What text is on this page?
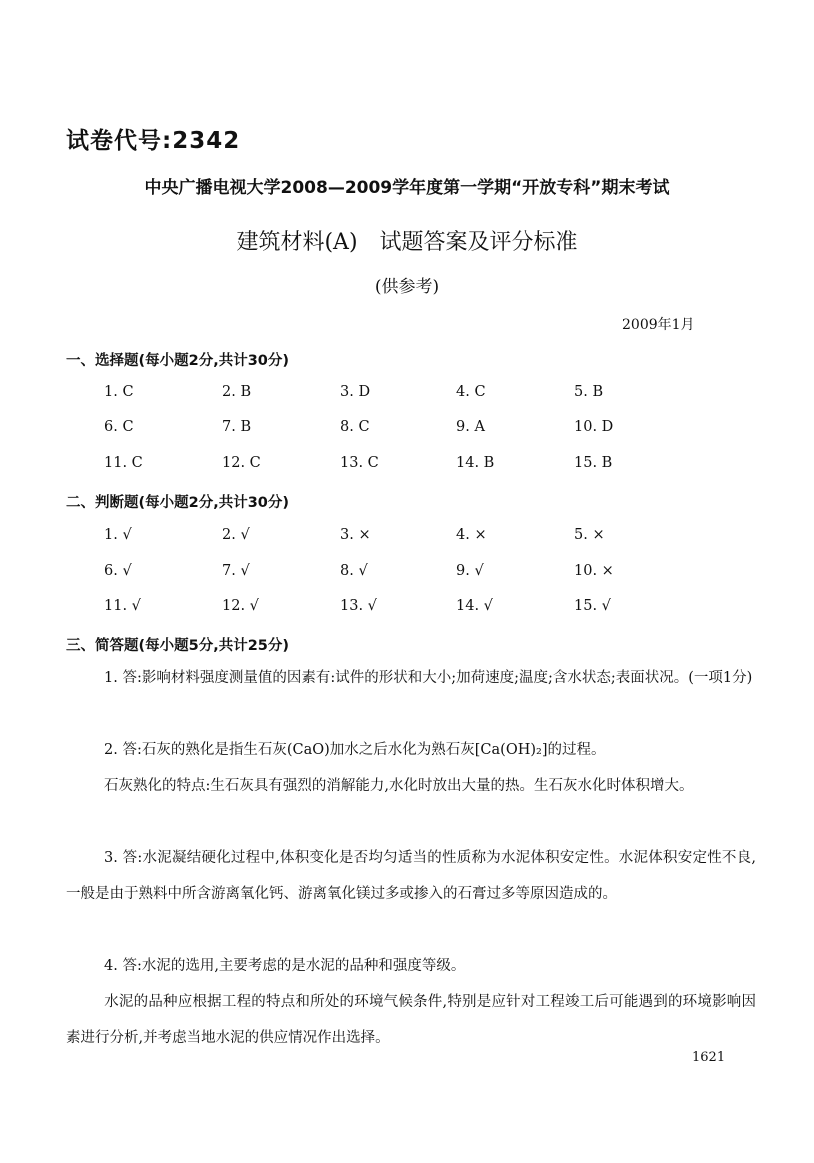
试卷代号:2342
中央广播电视大学2008—2009学年度第一学期“开放专科”期末考试
建筑材料(A)　试题答案及评分标准
(供参考)
2009年1月
一、选择题(每小题2分,共计30分)
1. C	2. B	3. D	4. C	5. B
6. C	7. B	8. C	9. A	10. D
11. C	12. C	13. C	14. B	15. B
二、判断题(每小题2分,共计30分)
1. √	2. √	3. ×	4. ×	5. ×
6. √	7. √	8. √	9. √	10. ×
11. √	12. √	13. √	14. √	15. √
三、简答题(每小题5分,共计25分)
1. 答:影响材料强度测量值的因素有:试件的形状和大小;加荷速度;温度;含水状态;表面状况。(一项1分)
2. 答:石灰的熟化是指生石灰(CaO)加水之后水化为熟石灰[Ca(OH)₂]的过程。
石灰熟化的特点:生石灰具有强烈的消解能力,水化时放出大量的热。生石灰水化时体积增大。
3. 答:水泥凝结硬化过程中,体积变化是否均匀适当的性质称为水泥体积安定性。水泥体积安定性不良,一般是由于熟料中所含游离氧化钙、游离氧化镁过多或掺入的石膏过多等原因造成的。
4. 答:水泥的选用,主要考虑的是水泥的品种和强度等级。
水泥的品种应根据工程的特点和所处的环境气候条件,特别是应针对工程竣工后可能遇到的环境影响因素进行分析,并考虑当地水泥的供应情况作出选择。
1621
